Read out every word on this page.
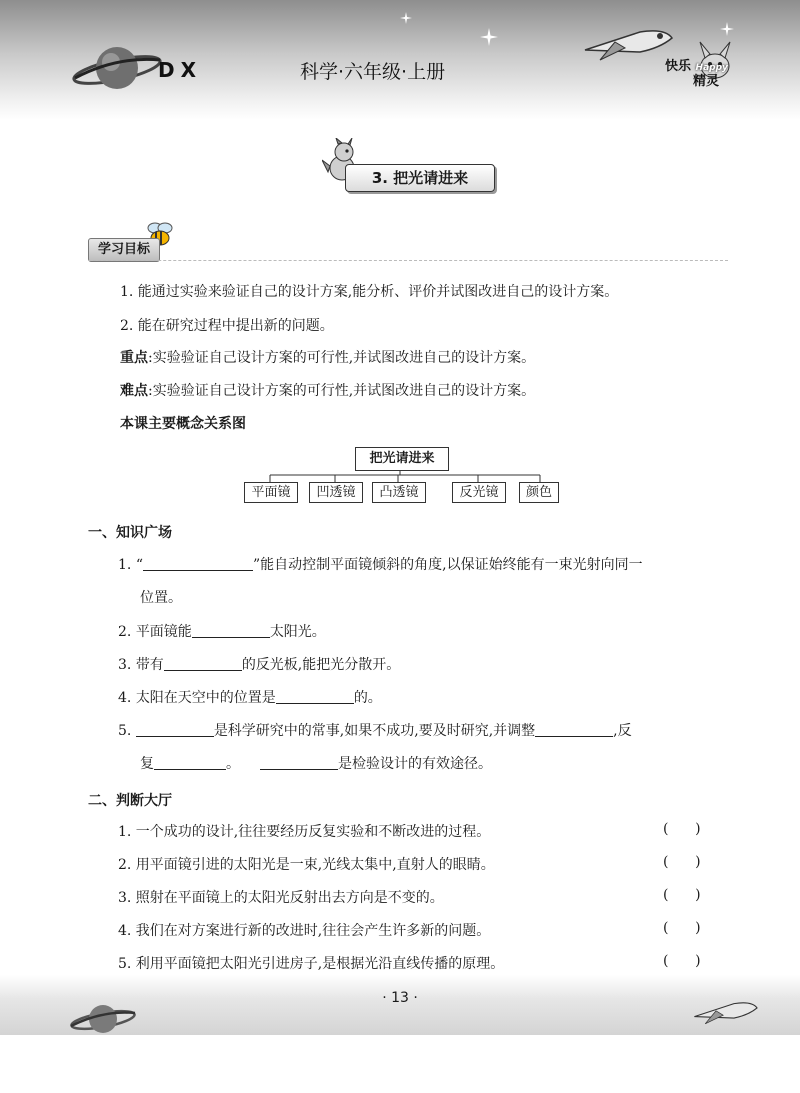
DX	科学·六年级·上册	快乐 Happy
精灵
3. 把光请进来
学习目标
1. 能通过实验来验证自己的设计方案,能分析、评价并试图改进自己的设计方案。
2. 能在研究过程中提出新的问题。
重点:实验验证自己设计方案的可行性,并试图改进自己的设计方案。
难点:实验验证自己设计方案的可行性,并试图改进自己的设计方案。
本课主要概念关系图
把光请进来
平面镜	凹透镜	凸透镜	反光镜	颜色
一、知识广场
1. “	”能自动控制平面镜倾斜的角度,以保证始终能有一束光射向同一
位置。
2. 平面镜能	太阳光。
3. 带有	的反光板,能把光分散开。
4. 太阳在天空中的位置是	的。
5.	是科学研究中的常事,如果不成功,要及时研究,并调整	,反
复	。	是检验设计的有效途径。
二、判断大厅
1. 一个成功的设计,往往要经历反复实验和不断改进的过程。	(      )
2. 用平面镜引进的太阳光是一束,光线太集中,直射人的眼睛。	(      )
3. 照射在平面镜上的太阳光反射出去方向是不变的。	(      )
4. 我们在对方案进行新的改进时,往往会产生许多新的问题。	(      )
5. 利用平面镜把太阳光引进房子,是根据光沿直线传播的原理。	(      )
· 13 ·
